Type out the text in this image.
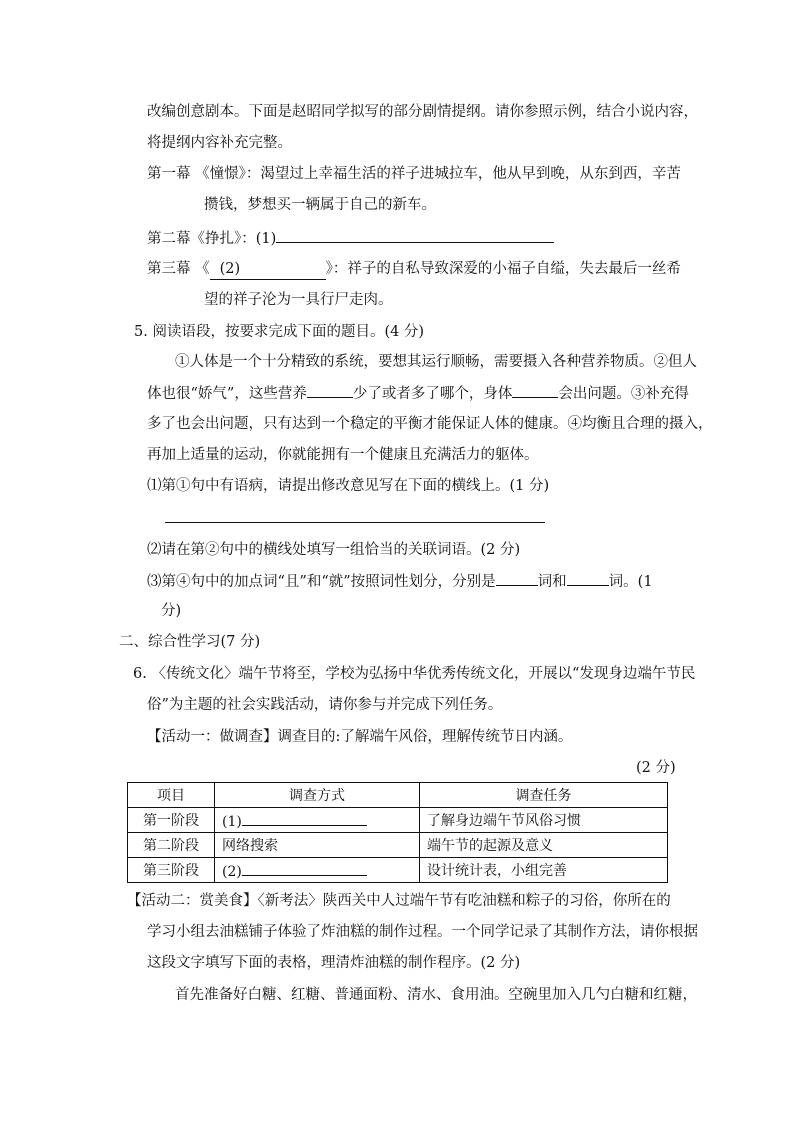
改编创意剧本。下面是赵昭同学拟写的部分剧情提纲。请你参照示例，结合小说内容，
将提纲内容补充完整。
第一幕 《憧憬》：渴望过上幸福生活的祥子进城拉车，他从早到晚，从东到西，辛苦
攒钱，梦想买一辆属于自己的新车。
第二幕《挣扎》：(1)
第三幕 《 (2)	》：祥子的自私导致深爱的小福子自缢，失去最后一丝希
望的祥子沦为一具行尸走肉。
5. 阅读语段，按要求完成下面的题目。(4 分)
①人体是一个十分精致的系统，要想其运行顺畅，需要摄入各种营养物质。②但人
体也很“娇气”，这些营养	少了或者多了哪个，身体	会出问题。③补充得
多了也会出问题，只有达到一个稳定的平衡才能保证人体的健康。④均衡且合理的摄入，
再加上适量的运动，你就能拥有一个健康且充满活力的躯体。
⑴第①句中有语病，请提出修改意见写在下面的横线上。(1 分)
⑵请在第②句中的横线处填写一组恰当的关联词语。(2 分)
⑶第④句中的加点词“且”和“就”按照词性划分，分别是	词和	词。(1
分)
二、综合性学习(7 分)
6. 〈传统文化〉端午节将至，学校为弘扬中华优秀传统文化，开展以“发现身边端午节民
俗”为主题的社会实践活动，请你参与并完成下列任务。
【活动一：做调查】调查目的:了解端午风俗，理解传统节日内涵。
(2 分)
项目	调查方式	调查任务
第一阶段	(1)	了解身边端午节风俗习惯
第二阶段	网络搜索	端午节的起源及意义
第三阶段	(2)	设计统计表，小组完善
【活动二：赏美食】〈新考法〉陕西关中人过端午节有吃油糕和粽子的习俗，你所在的
学习小组去油糕铺子体验了炸油糕的制作过程。一个同学记录了其制作方法，请你根据
这段文字填写下面的表格，理清炸油糕的制作程序。(2 分)
首先准备好白糖、红糖、普通面粉、清水、食用油。空碗里加入几勺白糖和红糖，
